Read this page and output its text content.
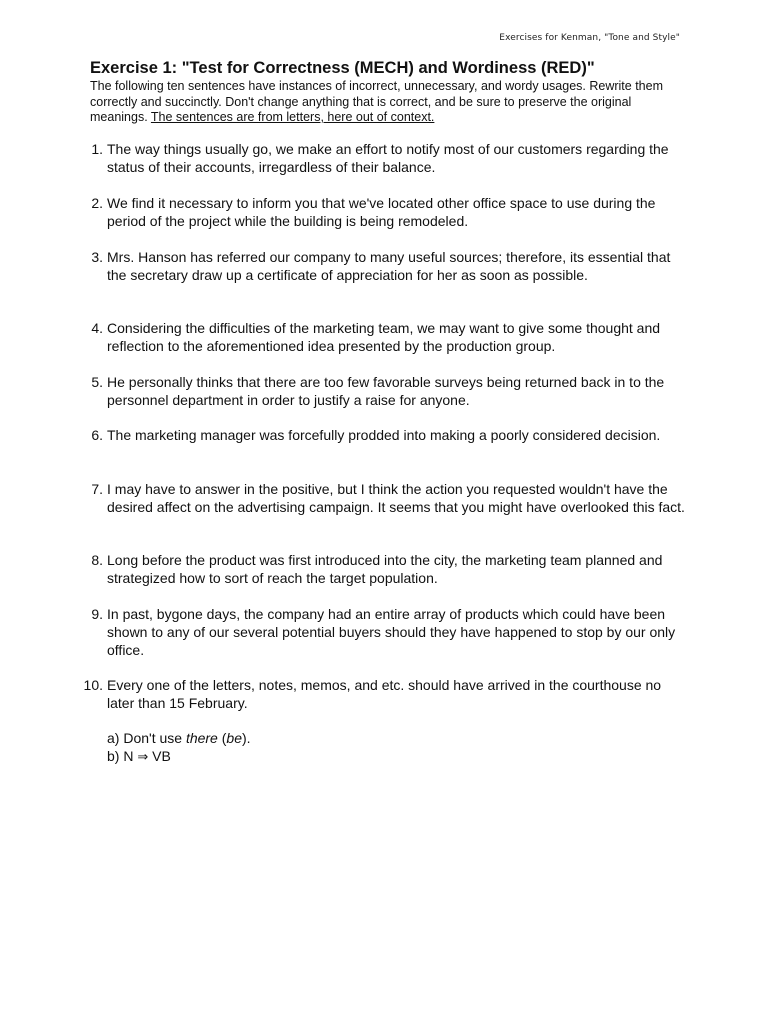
Exercises for Kenman, "Tone and Style"
Exercise 1: "Test for Correctness (MECH) and Wordiness (RED)"

The following ten sentences have instances of incorrect, unnecessary, and wordy usages. Rewrite them correctly and succinctly. Don't change anything that is correct, and be sure to preserve the original meanings. The sentences are from letters, here out of context.

1. The way things usually go, we make an effort to notify most of our customers regarding the status of their accounts, irregardless of their balance.
2. We find it necessary to inform you that we've located other office space to use during the period of the project while the building is being remodeled.
3. Mrs. Hanson has referred our company to many useful sources; therefore, its essential that the secretary draw up a certificate of appreciation for her as soon as possible.
4. Considering the difficulties of the marketing team, we may want to give some thought and reflection to the aforementioned idea presented by the production group.
5. He personally thinks that there are too few favorable surveys being returned back in to the personnel department in order to justify a raise for anyone.
6. The marketing manager was forcefully prodded into making a poorly considered decision.
7. I may have to answer in the positive, but I think the action you requested wouldn't have the desired affect on the advertising campaign. It seems that you might have overlooked this fact.
8. Long before the product was first introduced into the city, the marketing team planned and strategized how to sort of reach the target population.
9. In past, bygone days, the company had an entire array of products which could have been shown to any of our several potential buyers should they have happened to stop by our only office.
10. Every one of the letters, notes, memos, and etc. should have arrived in the courthouse no later than 15 February.
a) Don't use there (be).
b) N ⇒ VB
